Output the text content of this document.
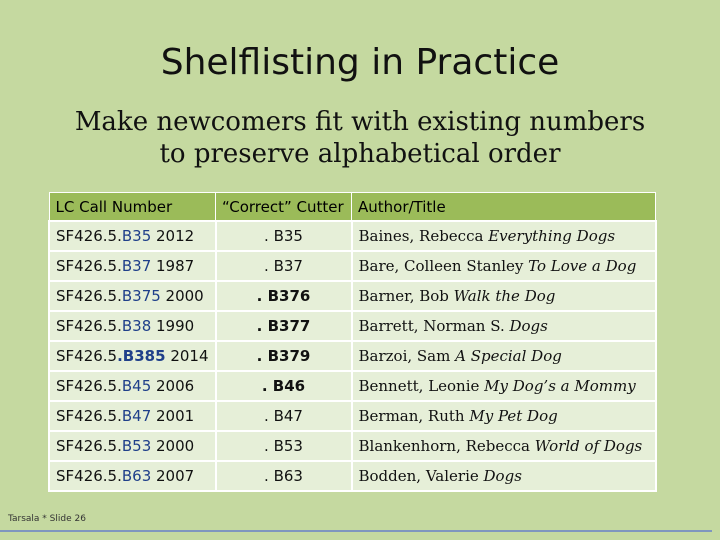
Shelflisting in Practice
Make newcomers fit with existing numbers
to preserve alphabetical order
LC Call Number	“Correct” Cutter	Author/Title
SF426.5.B35 2012	. B35	Baines, Rebecca Everything Dogs
SF426.5.B37 1987	. B37	Bare, Colleen Stanley To Love a Dog
SF426.5.B375 2000	. B376	Barner, Bob Walk the Dog
SF426.5.B38 1990	. B377	Barrett, Norman S. Dogs
SF426.5.B385 2014	. B379	Barzoi, Sam A Special Dog
SF426.5.B45 2006	. B46	Bennett, Leonie My Dog’s a Mommy
SF426.5.B47 2001	. B47	Berman, Ruth My Pet Dog
SF426.5.B53 2000	. B53	Blankenhorn, Rebecca World of Dogs
SF426.5.B63 2007	. B63	Bodden, Valerie Dogs
Tarsala * Slide 26
